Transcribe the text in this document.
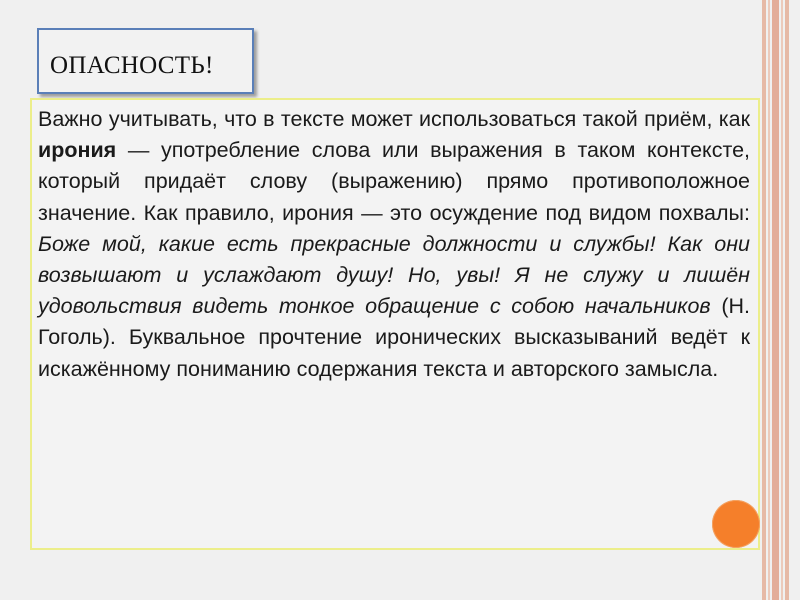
ОПАСНОСТЬ!
Важно учитывать, что в тексте может использоваться такой приём, как ирония — употребление слова или выражения в таком контексте, который придаёт слову (выражению) прямо противоположное значение. Как правило, ирония — это осуждение под видом похвалы: Боже мой, какие есть прекрасные должности и службы! Как они возвышают и услаждают душу! Но, увы! Я не служу и лишён удовольствия видеть тонкое обращение с собою начальников (Н. Гоголь). Буквальное прочтение иронических высказываний ведёт к искажённому пониманию содержания текста и авторского замысла.
